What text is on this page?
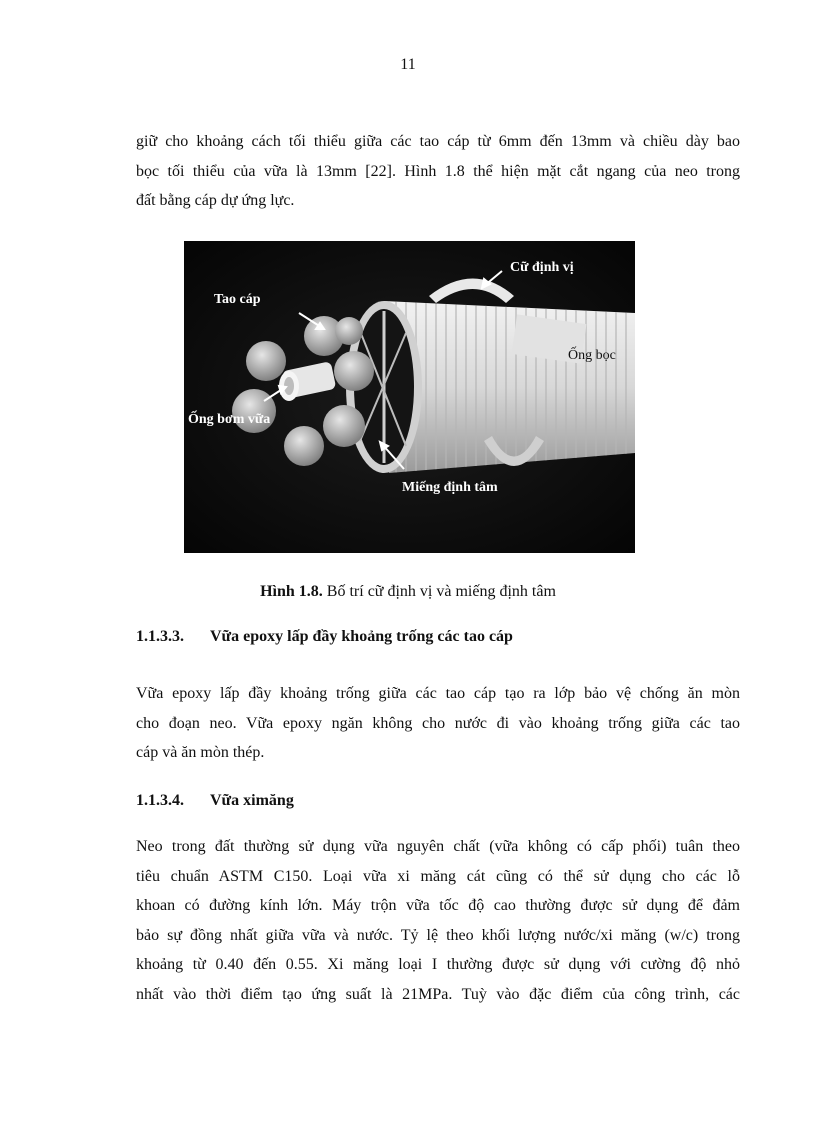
11

giữ cho khoảng cách tối thiểu giữa các tao cáp từ 6mm đến 13mm và chiều dày bao
bọc tối thiểu của vữa là 13mm [22]. Hình 1.8 thể hiện mặt cắt ngang của neo trong
đất bằng cáp dự ứng lực.

Tao cáp
Cữ định vị
Ống bọc
Ống bơm vữa
Miếng định tâm
Hình 1.8. Bố trí cữ định vị và miếng định tâm
1.1.3.3. Vữa epoxy lấp đầy khoảng trống các tao cáp

Vữa epoxy lấp đầy khoảng trống giữa các tao cáp tạo ra lớp bảo vệ chống ăn mòn
cho đoạn neo. Vữa epoxy ngăn không cho nước đi vào khoảng trống giữa các tao
cáp và ăn mòn thép.

1.1.3.4. Vữa ximăng

Neo trong đất thường sử dụng vữa nguyên chất (vữa không có cấp phối) tuân theo
tiêu chuẩn ASTM C150. Loại vữa xi măng cát cũng có thể sử dụng cho các lỗ
khoan có đường kính lớn. Máy trộn vữa tốc độ cao thường được sử dụng để đảm
bảo sự đồng nhất giữa vữa và nước. Tỷ lệ theo khối lượng nước/xi măng (w/c) trong
khoảng từ 0.40 đến 0.55. Xi măng loại I thường được sử dụng với cường độ nhỏ
nhất vào thời điểm tạo ứng suất là 21MPa. Tuỳ vào đặc điểm của công trình, các
